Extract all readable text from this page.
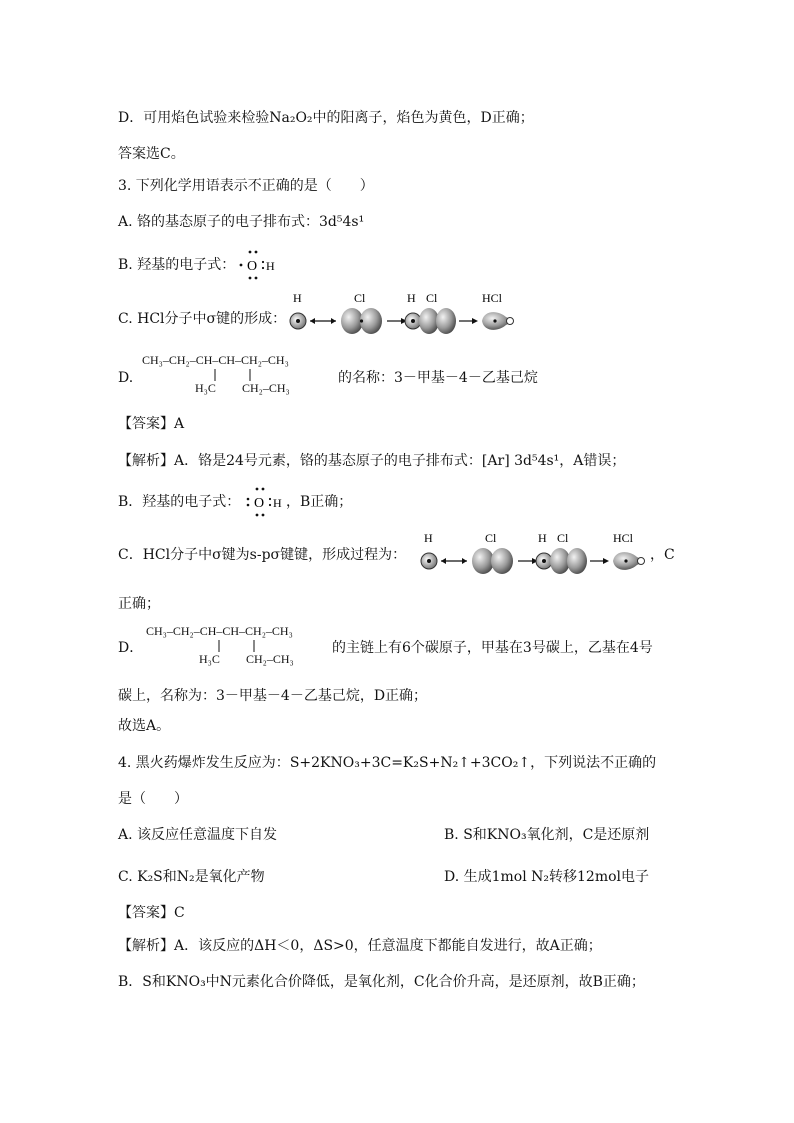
D．可用焰色试验来检验Na₂O₂中的阳离子，焰色为黄色，D正确；
答案选C。
3. 下列化学用语表示不正确的是（　　）
A. 铬的基态原子的电子排布式：3d⁵4s¹
B. 羟基的电子式： O H
C. HCl分子中σ键的形成：
H	Cl	H Cl	HCl
D.
CH₃–CH₂–CH–CH–CH₂–CH₃
H₃C CH₂–CH₃
的名称：3－甲基－4－乙基己烷
【答案】A
【解析】A．铬是24号元素，铬的基态原子的电子排布式：[Ar] 3d⁵4s¹，A错误；
B．羟基的电子式： O H ，B正确；
C．HCl分子中σ键为s-pσ键键，形成过程为：
H	Cl	H Cl	HCl
，C
正确；
D．
CH₃–CH₂–CH–CH–CH₂–CH₃
H₃C CH₂–CH₃
的主链上有6个碳原子，甲基在3号碳上，乙基在4号
碳上，名称为：3－甲基－4－乙基己烷，D正确；
故选A。
4. 黑火药爆炸发生反应为：S+2KNO₃+3C=K₂S+N₂↑+3CO₂↑，下列说法不正确的
是（　　）
A. 该反应任意温度下自发	B. S和KNO₃氧化剂，C是还原剂
C. K₂S和N₂是氧化产物	D. 生成1mol N₂转移12mol电子
【答案】C
【解析】A．该反应的ΔH＜0，ΔS>0，任意温度下都能自发进行，故A正确；
B．S和KNO₃中N元素化合价降低，是氧化剂，C化合价升高，是还原剂，故B正确；
